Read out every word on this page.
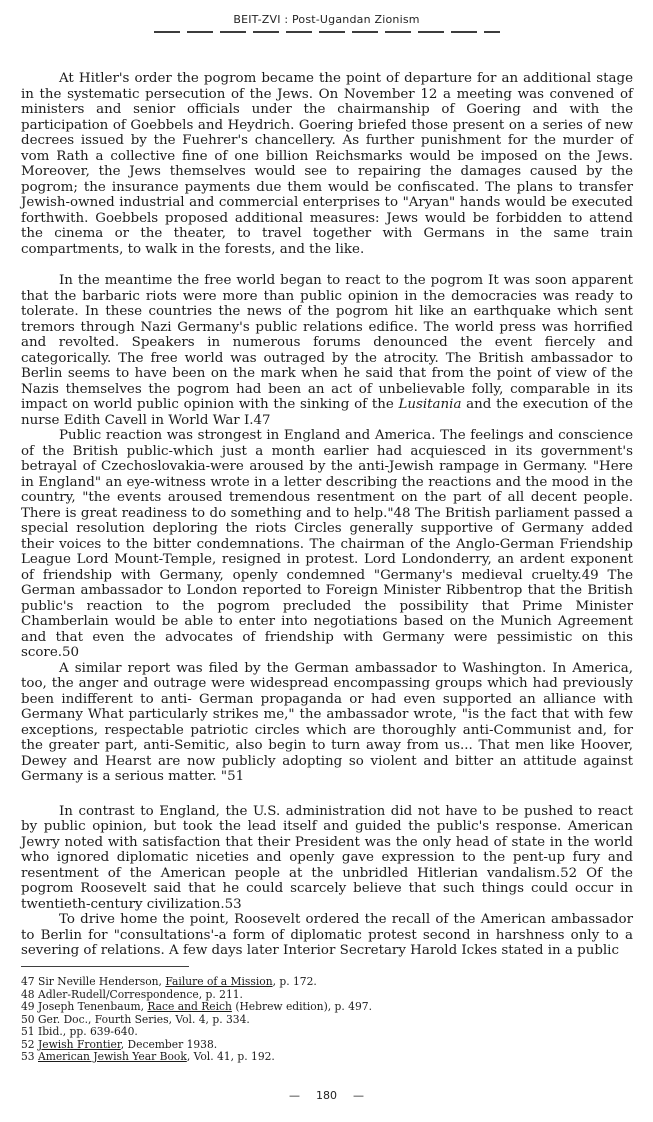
BEIT-ZVI : Post-Ugandan Zionism

At Hitler's order the pogrom became the point of departure for an additional stage in the systematic persecution of the Jews. On November 12 a meeting was convened of ministers and senior officials under the chairmanship of Goering and with the participation of Goebbels and Heydrich. Goering briefed those present on a series of new decrees issued by the Fuehrer's chancellery. As further punishment for the murder of vom Rath a collective fine of one billion Reichsmarks would be imposed on the Jews. Moreover, the Jews themselves would see to repairing the damages caused by the pogrom; the insurance payments due them would be confiscated. The plans to transfer Jewish-owned industrial and commercial enterprises to "Aryan" hands would be executed forthwith. Goebbels proposed additional measures: Jews would be forbidden to attend the cinema or the theater, to travel together with Germans in the same train compartments, to walk in the forests, and the like.

In the meantime the free world began to react to the pogrom It was soon apparent that the barbaric riots were more than public opinion in the democracies was ready to tolerate. In these countries the news of the pogrom hit like an earthquake which sent tremors through Nazi Germany's public relations edifice. The world press was horrified and revolted. Speakers in numerous forums denounced the event fiercely and categorically. The free world was outraged by the atrocity. The British ambassador to Berlin seems to have been on the mark when he said that from the point of view of the Nazis themselves the pogrom had been an act of unbelievable folly, comparable in its impact on world public opinion with the sinking of the Lusitania and the execution of the nurse Edith Cavell in World War I.47

Public reaction was strongest in England and America. The feelings and conscience of the British public-which just a month earlier had acquiesced in its government's betrayal of Czechoslovakia-were aroused by the anti-Jewish rampage in Germany. "Here in England" an eye-witness wrote in a letter describing the reactions and the mood in the country, "the events aroused tremendous resentment on the part of all decent people. There is great readiness to do something and to help."48 The British parliament passed a special resolution deploring the riots Circles generally supportive of Germany added their voices to the bitter condemnations. The chairman of the Anglo-German Friendship League Lord Mount-Temple, resigned in protest. Lord Londonderry, an ardent exponent of friendship with Germany, openly condemned "Germany's medieval cruelty.49 The German ambassador to London reported to Foreign Minister Ribbentrop that the British public's reaction to the pogrom precluded the possibility that Prime Minister Chamberlain would be able to enter into negotiations based on the Munich Agreement and that even the advocates of friendship with Germany were pessimistic on this score.50

A similar report was filed by the German ambassador to Washington. In America, too, the anger and outrage were widespread encompassing groups which had previously been indifferent to anti- German propaganda or had even supported an alliance with Germany What particularly strikes me," the ambassador wrote, "is the fact that with few exceptions, respectable patriotic circles which are thoroughly anti-Communist and, for the greater part, anti-Semitic, also begin to turn away from us... That men like Hoover, Dewey and Hearst are now publicly adopting so violent and bitter an attitude against Germany is a serious matter. "51

In contrast to England, the U.S. administration did not have to be pushed to react by public opinion, but took the lead itself and guided the public's response. American Jewry noted with satisfaction that their President was the only head of state in the world who ignored diplomatic niceties and openly gave expression to the pent-up fury and resentment of the American people at the unbridled Hitlerian vandalism.52 Of the pogrom Roosevelt said that he could scarcely believe that such things could occur in twentieth-century civilization.53

To drive home the point, Roosevelt ordered the recall of the American ambassador to Berlin for "consultations'-a form of diplomatic protest second in harshness only to a severing of relations. A few days later Interior Secretary Harold Ickes stated in a public

47 Sir Neville Henderson, Failure of a Mission, p. 172.
48 Adler-Rudell/Correspondence, p. 211.
49 Joseph Tenenbaum, Race and Reich (Hebrew edition), p. 497.
50 Ger. Doc., Fourth Series, Vol. 4, p. 334.
51 Ibid., pp. 639-640.
52 Jewish Frontier, December 1938.
53 American Jewish Year Book, Vol. 41, p. 192.
— 180 —
